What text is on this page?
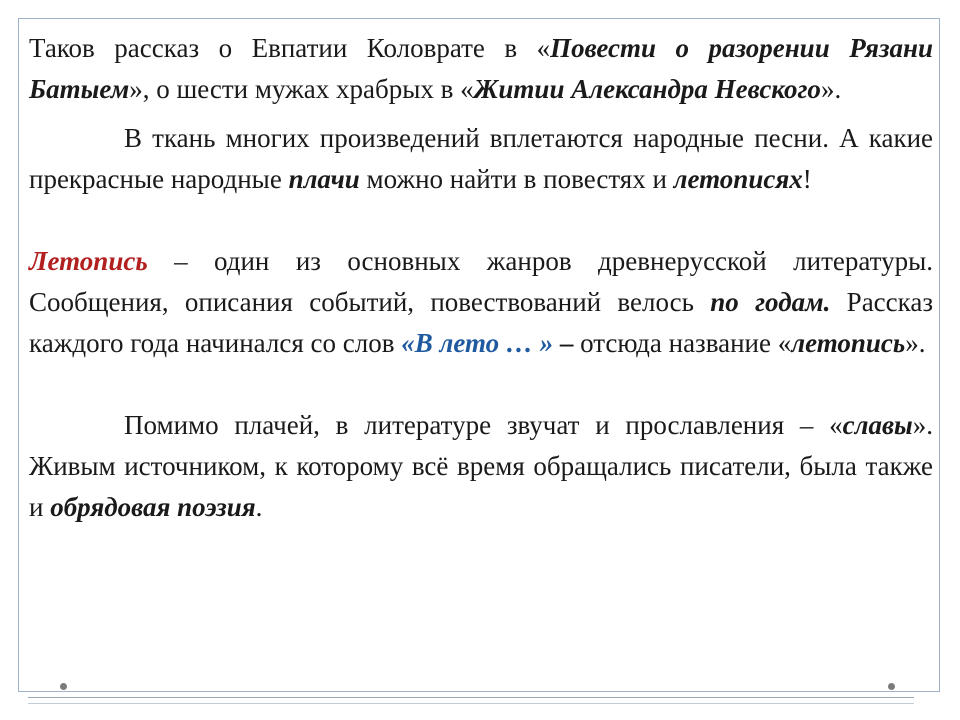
Таков рассказ о Евпатии Коловрате в «Повести о разорении Рязани Батыем», о шести мужах храбрых в «Житии Александра Невского».

В ткань многих произведений вплетаются народные песни. А какие прекрасные народные плачи можно найти в повестях и летописях!

Летопись – один из основных жанров древнерусской литературы. Сообщения, описания событий, повествований велось по годам. Рассказ каждого года начинался со слов «В лето … » – отсюда название «летопись».

Помимо плачей, в литературе звучат и прославления – «славы». Живым источником, к которому всё время обращались писатели, была также и обрядовая поэзия.
